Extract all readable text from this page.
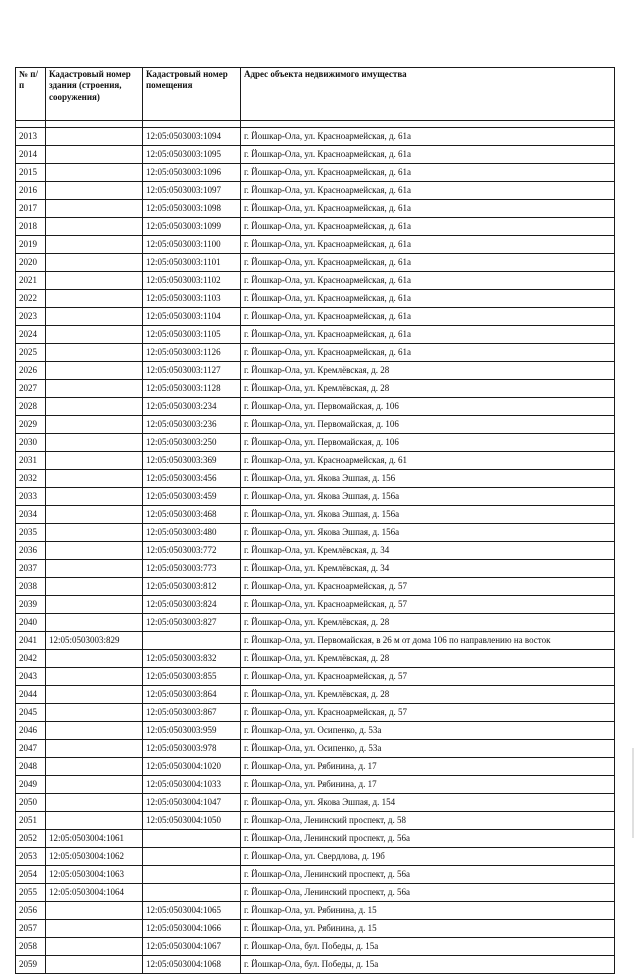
№ п/п	Кадастровый номер здания (строения, сооружения)	Кадастровый номер помещения	Адрес объекта недвижимого имущества

2013		12:05:0503003:1094	г. Йошкар-Ола, ул. Красноармейская, д. 61а
2014		12:05:0503003:1095	г. Йошкар-Ола, ул. Красноармейская, д. 61а
2015		12:05:0503003:1096	г. Йошкар-Ола, ул. Красноармейская, д. 61а
2016		12:05:0503003:1097	г. Йошкар-Ола, ул. Красноармейская, д. 61а
2017		12:05:0503003:1098	г. Йошкар-Ола, ул. Красноармейская, д. 61а
2018		12:05:0503003:1099	г. Йошкар-Ола, ул. Красноармейская, д. 61а
2019		12:05:0503003:1100	г. Йошкар-Ола, ул. Красноармейская, д. 61а
2020		12:05:0503003:1101	г. Йошкар-Ола, ул. Красноармейская, д. 61а
2021		12:05:0503003:1102	г. Йошкар-Ола, ул. Красноармейская, д. 61а
2022		12:05:0503003:1103	г. Йошкар-Ола, ул. Красноармейская, д. 61а
2023		12:05:0503003:1104	г. Йошкар-Ола, ул. Красноармейская, д. 61а
2024		12:05:0503003:1105	г. Йошкар-Ола, ул. Красноармейская, д. 61а
2025		12:05:0503003:1126	г. Йошкар-Ола, ул. Красноармейская, д. 61а
2026		12:05:0503003:1127	г. Йошкар-Ола, ул. Кремлёвская, д. 28
2027		12:05:0503003:1128	г. Йошкар-Ола, ул. Кремлёвская, д. 28
2028		12:05:0503003:234	г. Йошкар-Ола, ул. Первомайская, д. 106
2029		12:05:0503003:236	г. Йошкар-Ола, ул. Первомайская, д. 106
2030		12:05:0503003:250	г. Йошкар-Ола, ул. Первомайская, д. 106
2031		12:05:0503003:369	г. Йошкар-Ола, ул. Красноармейская, д. 61
2032		12:05:0503003:456	г. Йошкар-Ола, ул. Якова Эшпая, д. 156
2033		12:05:0503003:459	г. Йошкар-Ола, ул. Якова Эшпая, д. 156а
2034		12:05:0503003:468	г. Йошкар-Ола, ул. Якова Эшпая, д. 156а
2035		12:05:0503003:480	г. Йошкар-Ола, ул. Якова Эшпая, д. 156а
2036		12:05:0503003:772	г. Йошкар-Ола, ул. Кремлёвская, д. 34
2037		12:05:0503003:773	г. Йошкар-Ола, ул. Кремлёвская, д. 34
2038		12:05:0503003:812	г. Йошкар-Ола, ул. Красноармейская, д. 57
2039		12:05:0503003:824	г. Йошкар-Ола, ул. Красноармейская, д. 57
2040		12:05:0503003:827	г. Йошкар-Ола, ул. Кремлёвская, д. 28
2041	12:05:0503003:829		г. Йошкар-Ола, ул. Первомайская, в 26 м от дома 106 по направлению на восток
2042		12:05:0503003:832	г. Йошкар-Ола, ул. Кремлёвская, д. 28
2043		12:05:0503003:855	г. Йошкар-Ола, ул. Красноармейская, д. 57
2044		12:05:0503003:864	г. Йошкар-Ола, ул. Кремлёвская, д. 28
2045		12:05:0503003:867	г. Йошкар-Ола, ул. Красноармейская, д. 57
2046		12:05:0503003:959	г. Йошкар-Ола, ул. Осипенко, д. 53а
2047		12:05:0503003:978	г. Йошкар-Ола, ул. Осипенко, д. 53а
2048		12:05:0503004:1020	г. Йошкар-Ола, ул. Рябинина, д. 17
2049		12:05:0503004:1033	г. Йошкар-Ола, ул. Рябинина, д. 17
2050		12:05:0503004:1047	г. Йошкар-Ола, ул. Якова Эшпая, д. 154
2051		12:05:0503004:1050	г. Йошкар-Ола, Ленинский проспект, д. 58
2052	12:05:0503004:1061		г. Йошкар-Ола, Ленинский проспект, д. 56а
2053	12:05:0503004:1062		г. Йошкар-Ола, ул. Свердлова, д. 19б
2054	12:05:0503004:1063		г. Йошкар-Ола, Ленинский проспект, д. 56а
2055	12:05:0503004:1064		г. Йошкар-Ола, Ленинский проспект, д. 56а
2056		12:05:0503004:1065	г. Йошкар-Ола, ул. Рябинина, д. 15
2057		12:05:0503004:1066	г. Йошкар-Ола, ул. Рябинина, д. 15
2058		12:05:0503004:1067	г. Йошкар-Ола, бул. Победы, д. 15а
2059		12:05:0503004:1068	г. Йошкар-Ола, бул. Победы, д. 15а
